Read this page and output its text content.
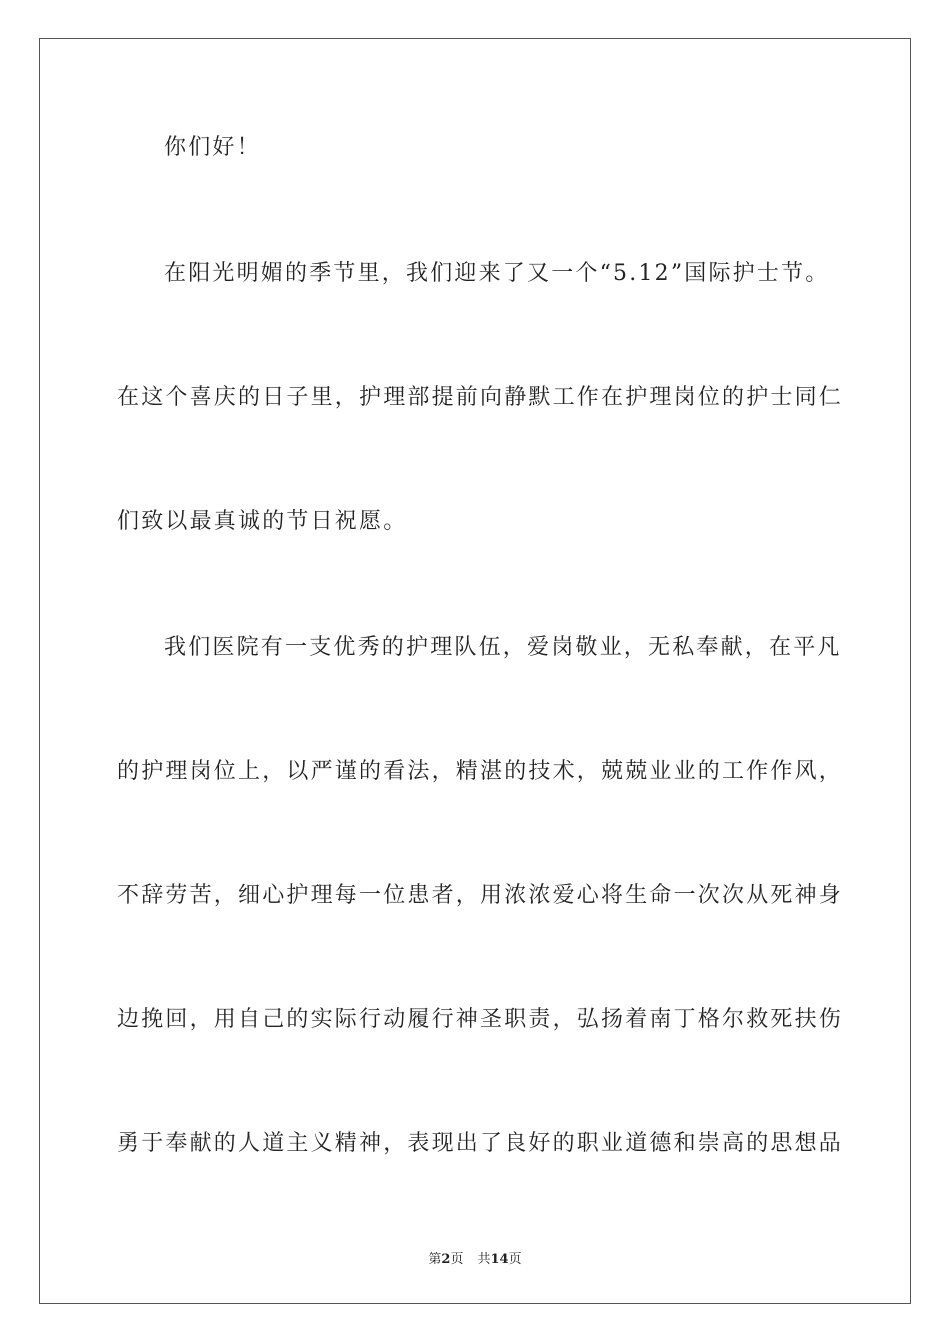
你们好！
在阳光明媚的季节里，我们迎来了又一个“5.12”国际护士节。
在这个喜庆的日子里，护理部提前向静默工作在护理岗位的护士同仁
们致以最真诚的节日祝愿。
我们医院有一支优秀的护理队伍，爱岗敬业，无私奉献，在平凡
的护理岗位上，以严谨的看法，精湛的技术，兢兢业业的工作作风，
不辞劳苦，细心护理每一位患者，用浓浓爱心将生命一次次从死神身
边挽回，用自己的实际行动履行神圣职责，弘扬着南丁格尔救死扶伤
勇于奉献的人道主义精神，表现出了良好的职业道德和崇高的思想品
第2页 共14页
